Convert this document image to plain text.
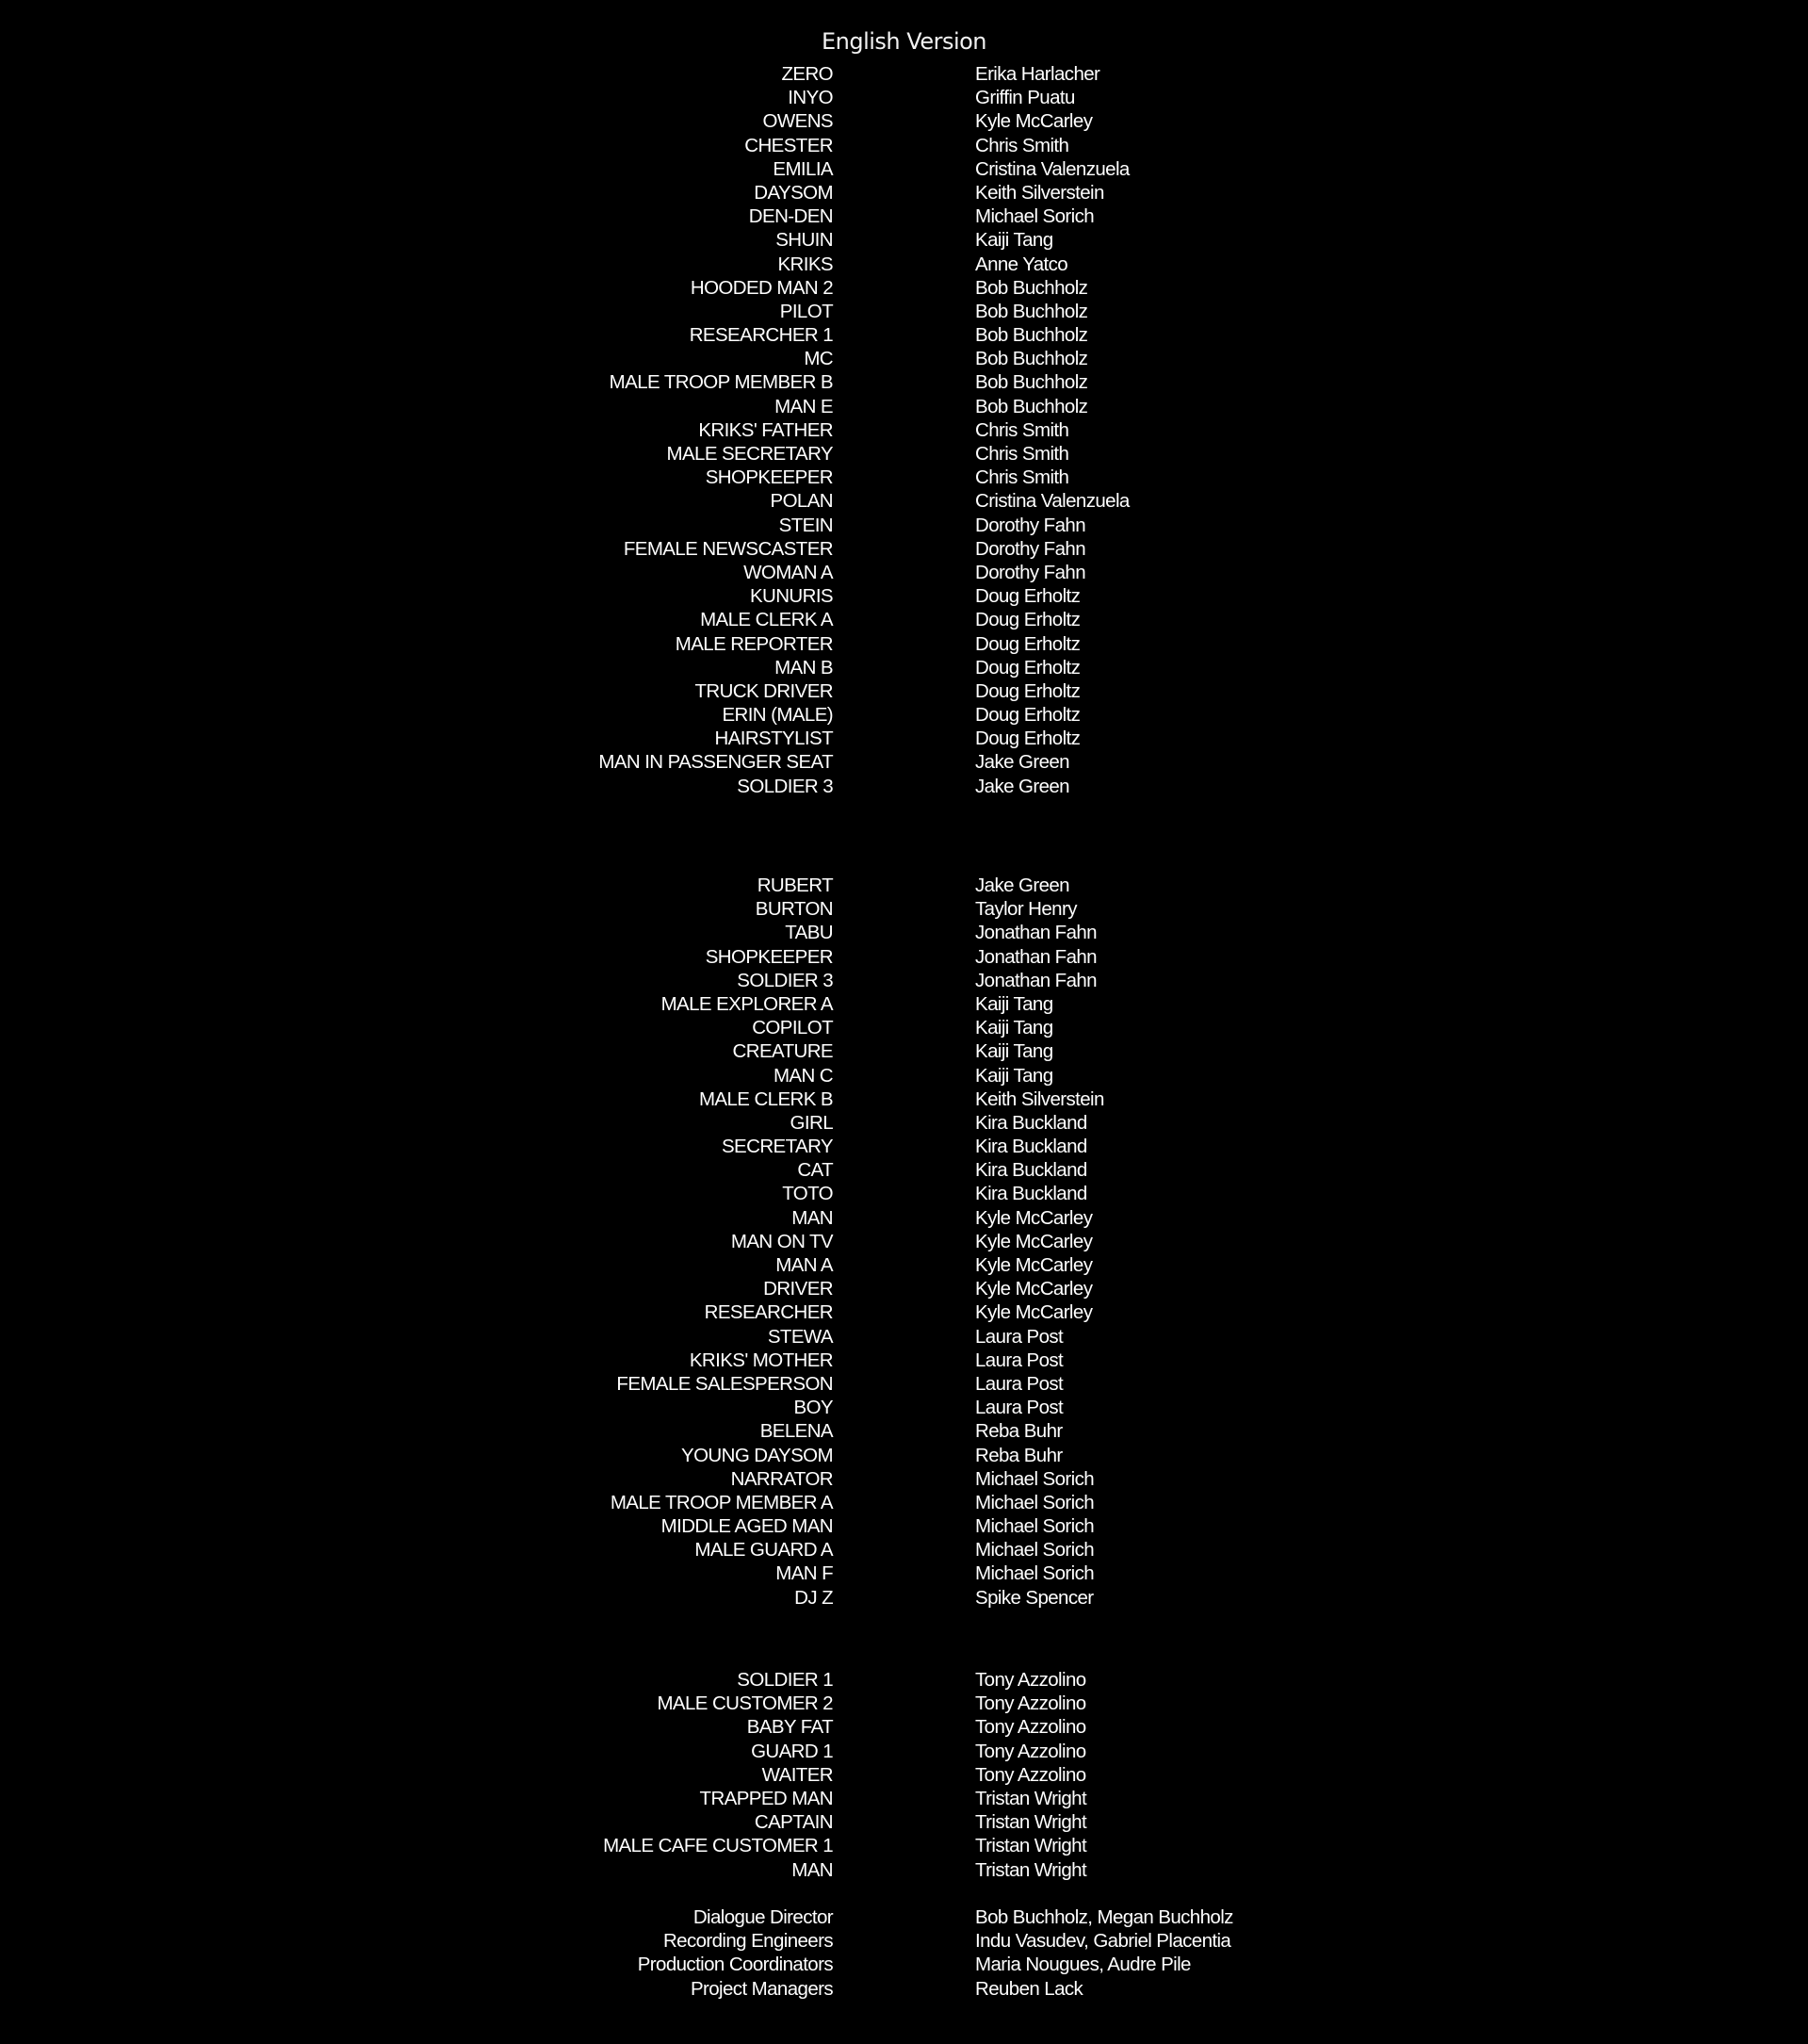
English Version
ZERO	Erika Harlacher
INYO	Griffin Puatu
OWENS	Kyle McCarley
CHESTER	Chris Smith
EMILIA	Cristina Valenzuela
DAYSOM	Keith Silverstein
DEN-DEN	Michael Sorich
SHUIN	Kaiji Tang
KRIKS	Anne Yatco
HOODED MAN 2	Bob Buchholz
PILOT	Bob Buchholz
RESEARCHER 1	Bob Buchholz
MC	Bob Buchholz
MALE TROOP MEMBER B	Bob Buchholz
MAN E	Bob Buchholz
KRIKS' FATHER	Chris Smith
MALE SECRETARY	Chris Smith
SHOPKEEPER	Chris Smith
POLAN	Cristina Valenzuela
STEIN	Dorothy Fahn
FEMALE NEWSCASTER	Dorothy Fahn
WOMAN A	Dorothy Fahn
KUNURIS	Doug Erholtz
MALE CLERK A	Doug Erholtz
MALE REPORTER	Doug Erholtz
MAN B	Doug Erholtz
TRUCK DRIVER	Doug Erholtz
ERIN (MALE)	Doug Erholtz
HAIRSTYLIST	Doug Erholtz
MAN IN PASSENGER SEAT	Jake Green
SOLDIER 3	Jake Green
RUBERT	Jake Green
BURTON	Taylor Henry
TABU	Jonathan Fahn
SHOPKEEPER	Jonathan Fahn
SOLDIER 3	Jonathan Fahn
MALE EXPLORER A	Kaiji Tang
COPILOT	Kaiji Tang
CREATURE	Kaiji Tang
MAN C	Kaiji Tang
MALE CLERK B	Keith Silverstein
GIRL	Kira Buckland
SECRETARY	Kira Buckland
CAT	Kira Buckland
TOTO	Kira Buckland
MAN	Kyle McCarley
MAN ON TV	Kyle McCarley
MAN A	Kyle McCarley
DRIVER	Kyle McCarley
RESEARCHER	Kyle McCarley
STEWA	Laura Post
KRIKS' MOTHER	Laura Post
FEMALE SALESPERSON	Laura Post
BOY	Laura Post
BELENA	Reba Buhr
YOUNG DAYSOM	Reba Buhr
NARRATOR	Michael Sorich
MALE TROOP MEMBER A	Michael Sorich
MIDDLE AGED MAN	Michael Sorich
MALE GUARD A	Michael Sorich
MAN F	Michael Sorich
DJ Z	Spike Spencer
SOLDIER 1	Tony Azzolino
MALE CUSTOMER 2	Tony Azzolino
BABY FAT	Tony Azzolino
GUARD 1	Tony Azzolino
WAITER	Tony Azzolino
TRAPPED MAN	Tristan Wright
CAPTAIN	Tristan Wright
MALE CAFE CUSTOMER 1	Tristan Wright
MAN	Tristan Wright
Dialogue Director	Bob Buchholz, Megan Buchholz
Recording Engineers	Indu Vasudev, Gabriel Placentia
Production Coordinators	Maria Nougues, Audre Pile
Project Managers	Reuben Lack
